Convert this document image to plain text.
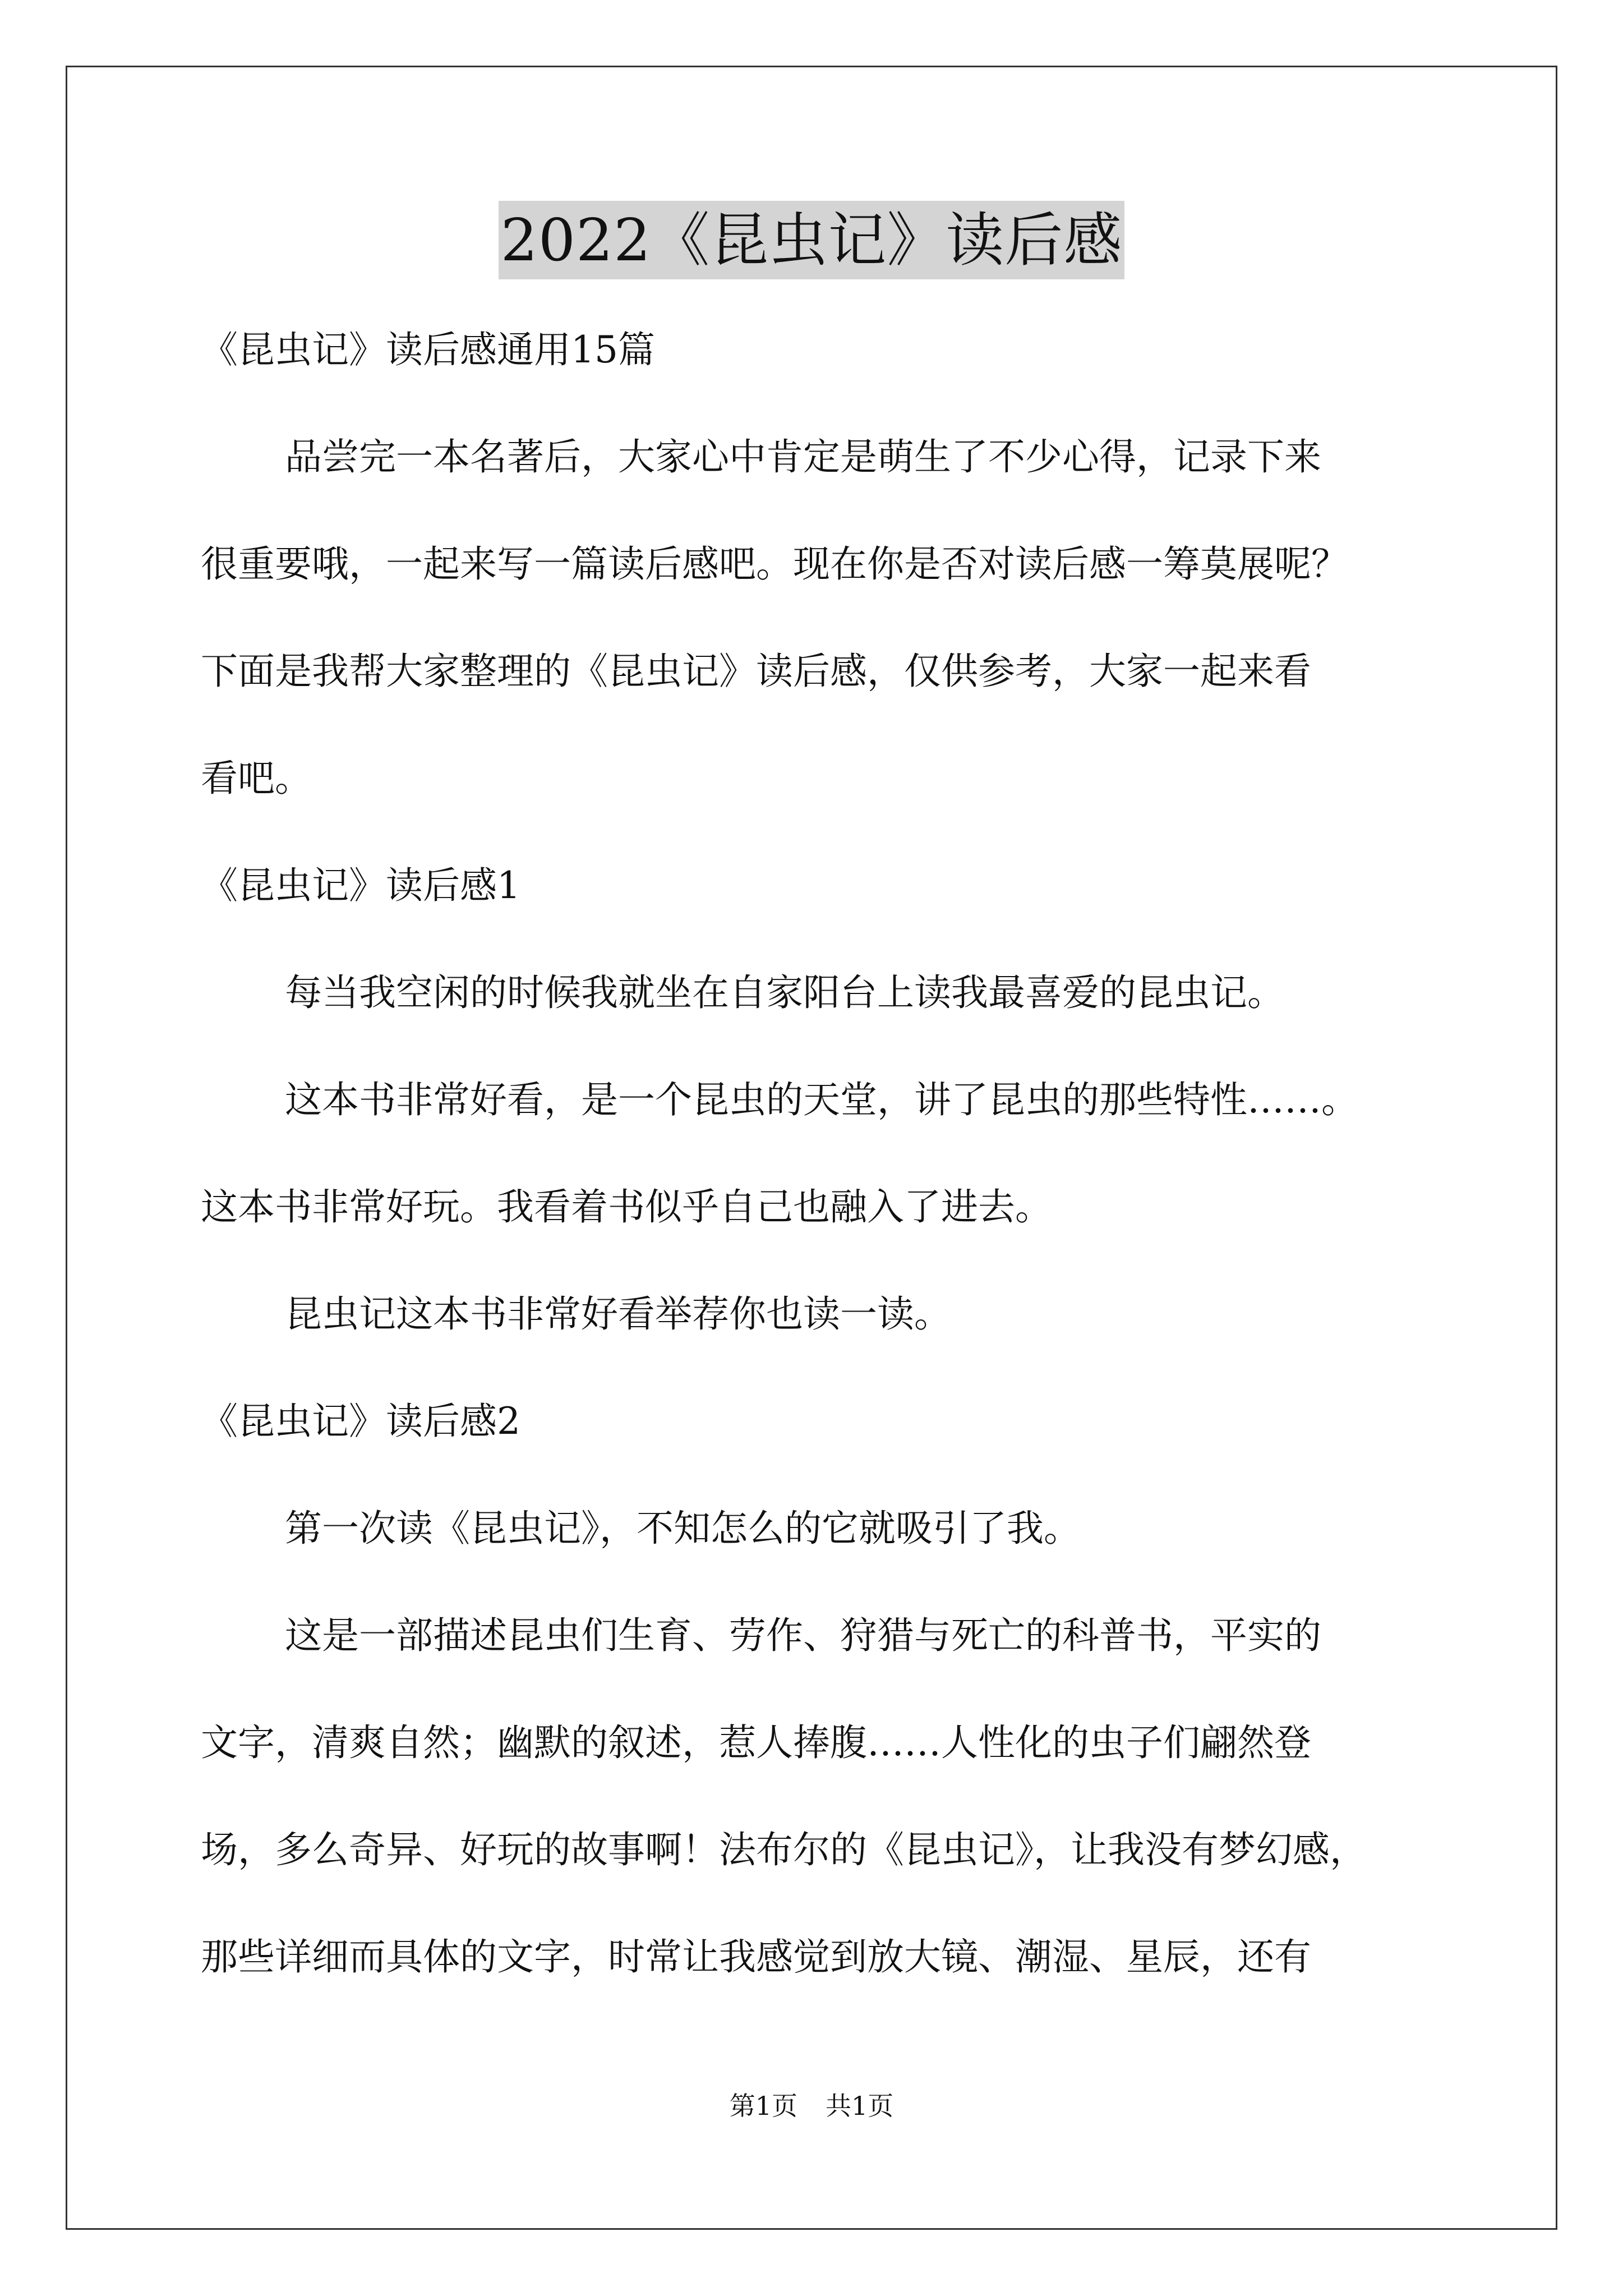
2022《昆虫记》读后感
《昆虫记》读后感通用15篇
品尝完一本名著后，大家心中肯定是萌生了不少心得，记录下来
很重要哦，一起来写一篇读后感吧。现在你是否对读后感一筹莫展呢？
下面是我帮大家整理的《昆虫记》读后感，仅供参考，大家一起来看
看吧。
《昆虫记》读后感1
每当我空闲的时候我就坐在自家阳台上读我最喜爱的昆虫记。
这本书非常好看，是一个昆虫的天堂，讲了昆虫的那些特性……。
这本书非常好玩。我看着书似乎自己也融入了进去。
昆虫记这本书非常好看举荐你也读一读。
《昆虫记》读后感2
第一次读《昆虫记》，不知怎么的它就吸引了我。
这是一部描述昆虫们生育、劳作、狩猎与死亡的科普书，平实的
文字，清爽自然；幽默的叙述，惹人捧腹……人性化的虫子们翩然登
场，多么奇异、好玩的故事啊！法布尔的《昆虫记》，让我没有梦幻感，
那些详细而具体的文字，时常让我感觉到放大镜、潮湿、星辰，还有
第1页 共1页
